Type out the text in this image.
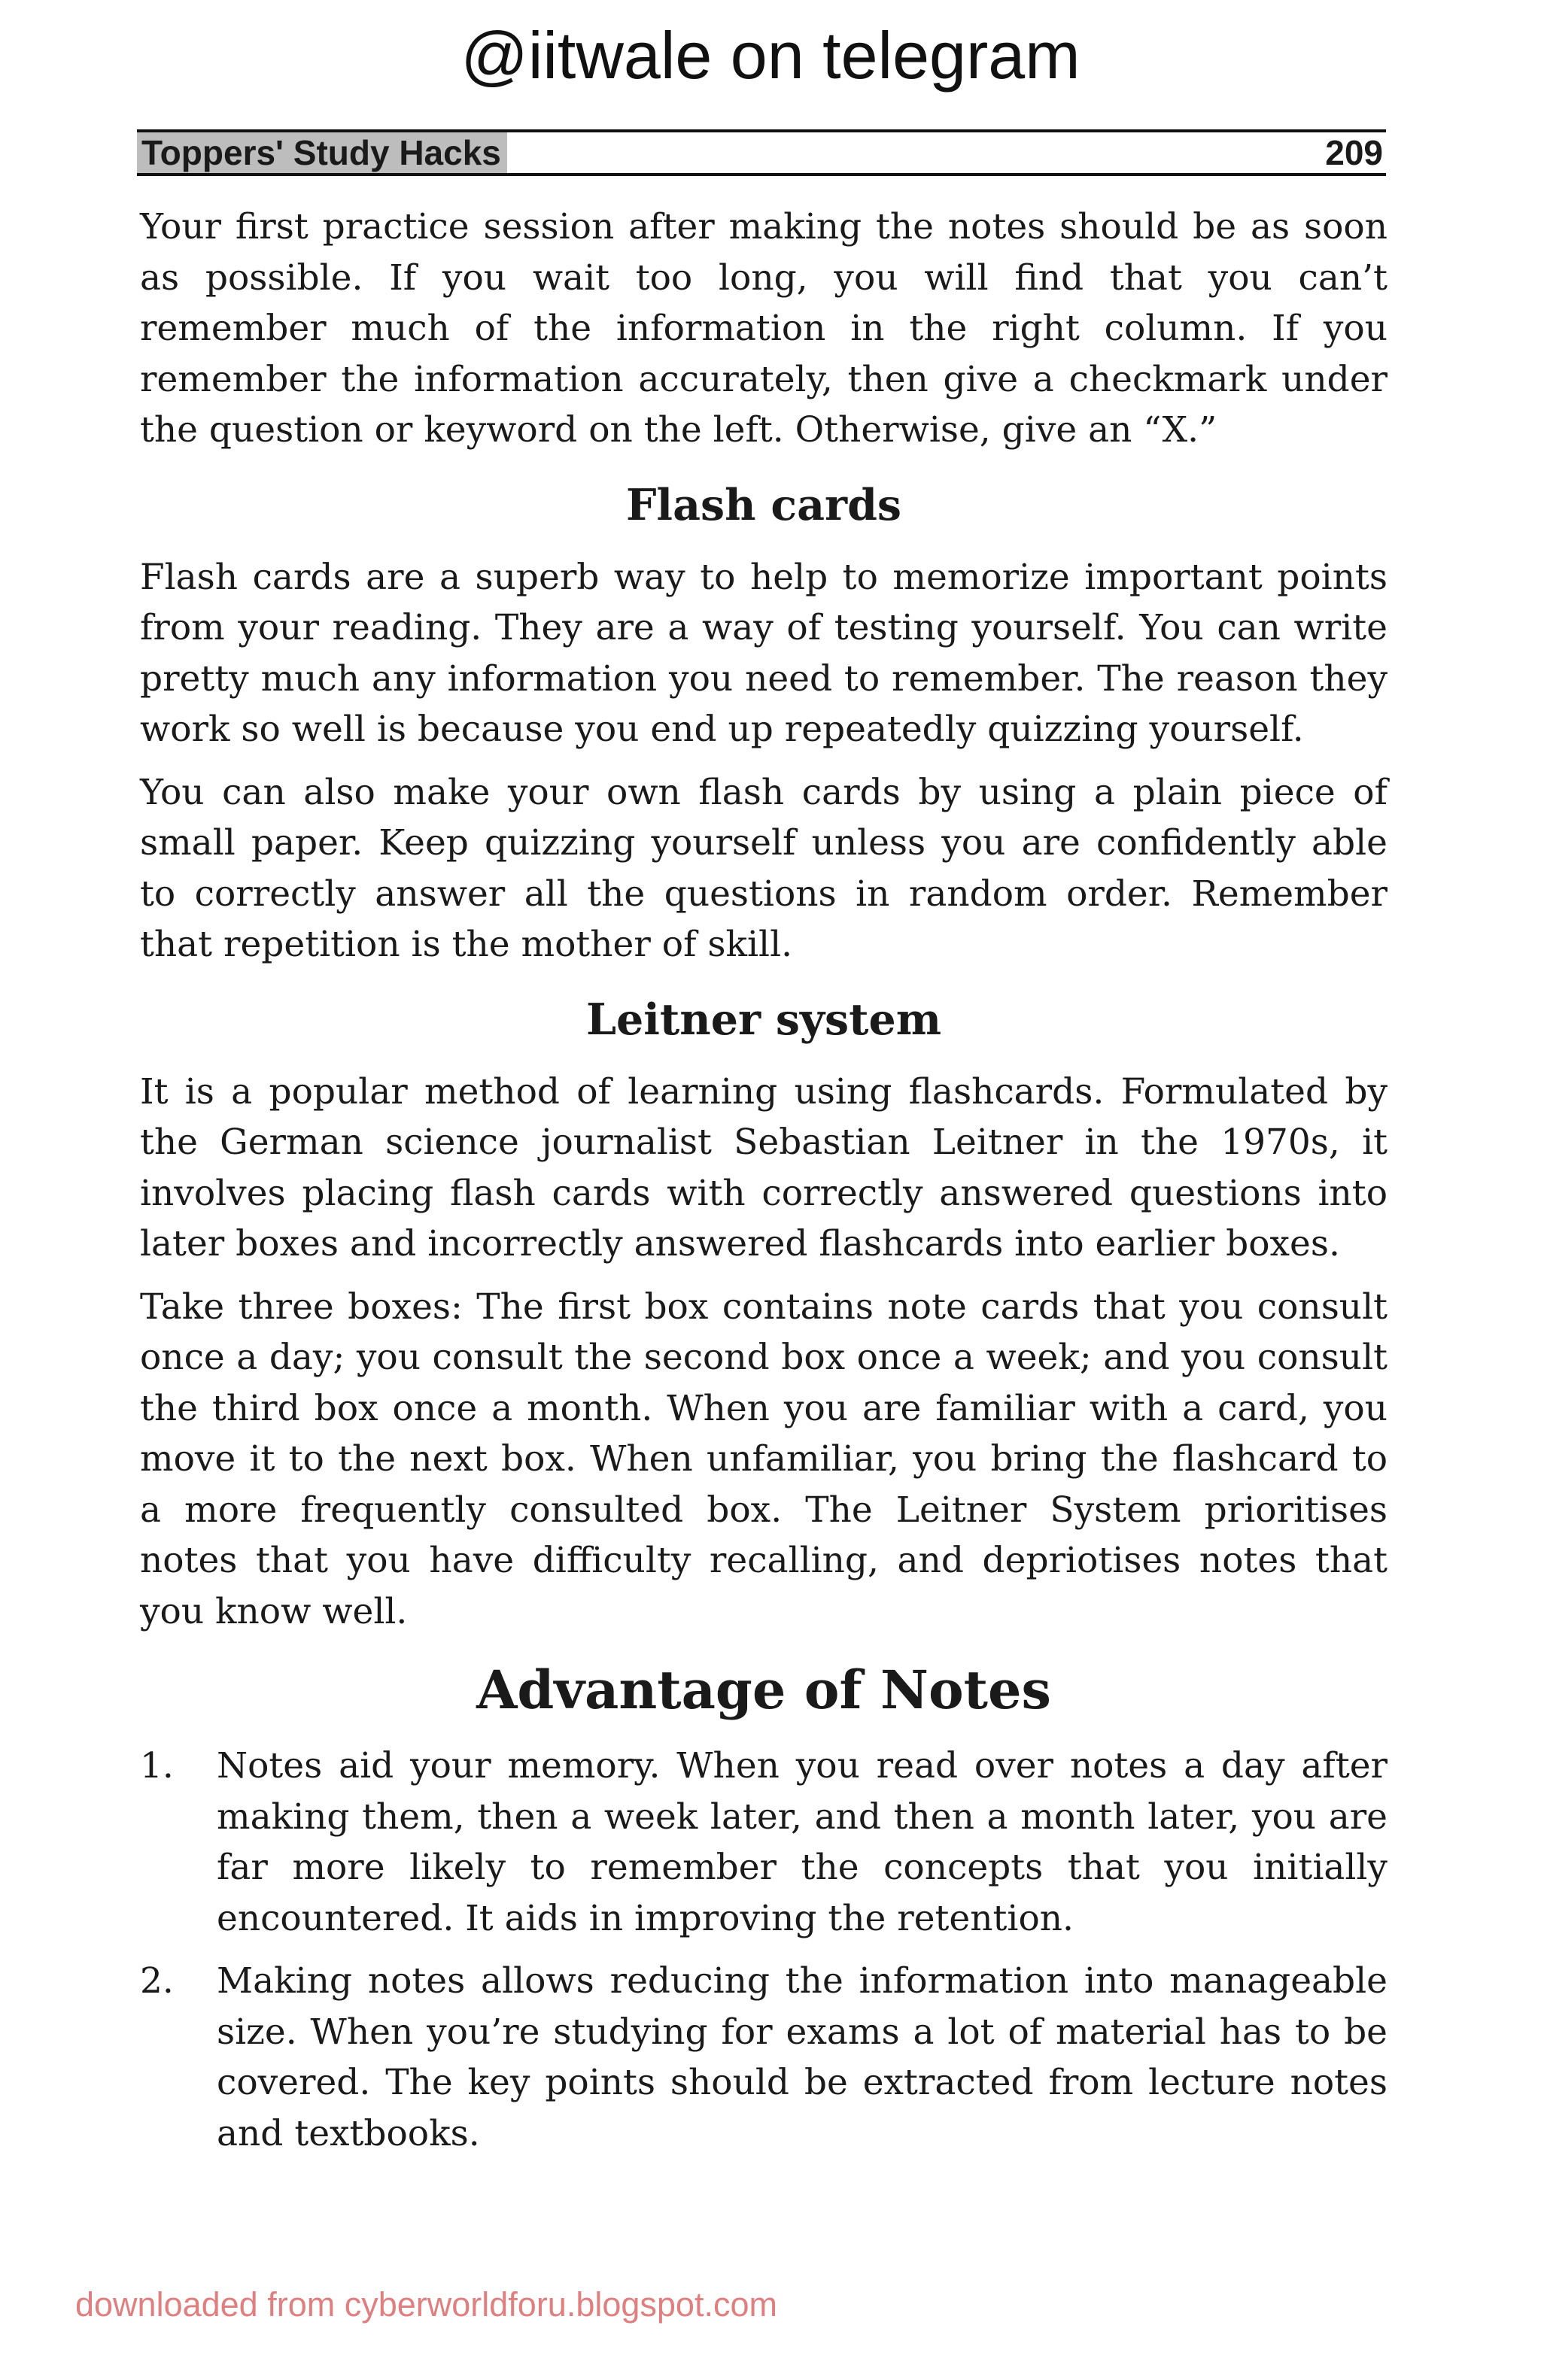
@iitwale on telegram
Toppers' Study Hacks	209

Your first practice session after making the notes should be as soon as possible. If you wait too long, you will find that you can’t remember much of the information in the right column. If you remember the information accurately, then give a checkmark under the question or keyword on the left. Otherwise, give an “X.”

Flash cards

Flash cards are a superb way to help to memorize important points from your reading. They are a way of testing yourself. You can write pretty much any information you need to remember. The reason they work so well is because you end up repeatedly quizzing yourself.

You can also make your own flash cards by using a plain piece of small paper. Keep quizzing yourself unless you are confidently able to correctly answer all the questions in random order. Remember that repetition is the mother of skill.

Leitner system

It is a popular method of learning using flashcards. Formulated by the German science journalist Sebastian Leitner in the 1970s, it involves placing flash cards with correctly answered questions into later boxes and incorrectly answered flashcards into earlier boxes.

Take three boxes: The first box contains note cards that you consult once a day; you consult the second box once a week; and you consult the third box once a month. When you are familiar with a card, you move it to the next box. When unfamiliar, you bring the flashcard to a more frequently consulted box. The Leitner System prioritises notes that you have difficulty recalling, and depriotises notes that you know well.

Advantage of Notes
1. Notes aid your memory. When you read over notes a day after making them, then a week later, and then a month later, you are far more likely to remember the concepts that you initially encountered. It aids in improving the retention.
2. Making notes allows reducing the information into manageable size. When you’re studying for exams a lot of material has to be covered. The key points should be extracted from lecture notes and textbooks.
downloaded from cyberworldforu.blogspot.com
